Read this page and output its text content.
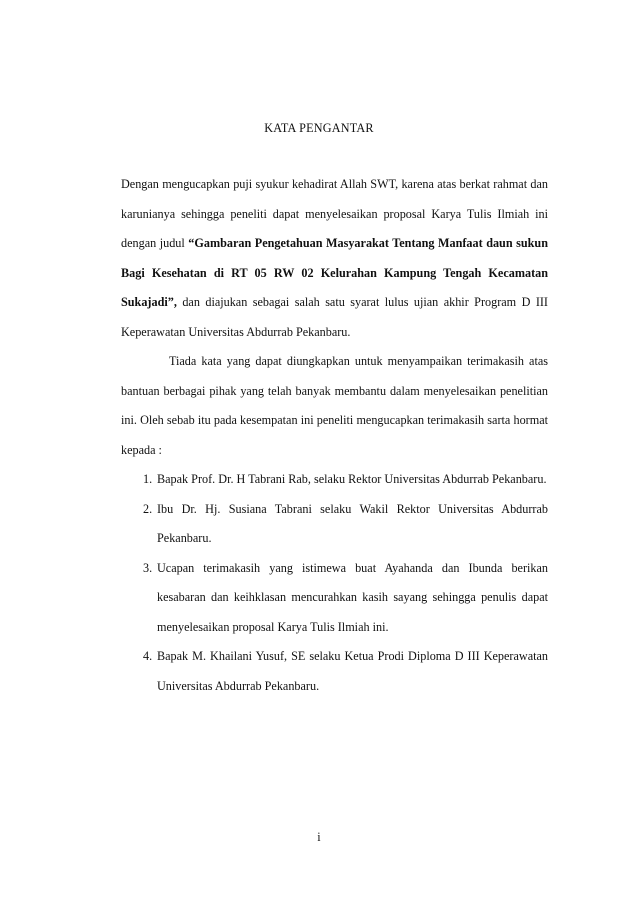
KATA PENGANTAR

Dengan mengucapkan puji syukur kehadirat Allah SWT, karena atas berkat rahmat dan karunianya sehingga peneliti dapat menyelesaikan proposal Karya Tulis Ilmiah ini dengan judul “Gambaran Pengetahuan Masyarakat Tentang Manfaat daun sukun Bagi Kesehatan di RT 05 RW 02 Kelurahan Kampung Tengah Kecamatan Sukajadi”, dan diajukan sebagai salah satu syarat lulus ujian akhir Program D III Keperawatan Universitas Abdurrab Pekanbaru.

Tiada kata yang dapat diungkapkan untuk menyampaikan terimakasih atas bantuan berbagai pihak yang telah banyak membantu dalam menyelesaikan penelitian ini. Oleh sebab itu pada kesempatan ini peneliti mengucapkan terimakasih sarta hormat kepada :

1. Bapak Prof. Dr. H Tabrani Rab, selaku Rektor Universitas Abdurrab Pekanbaru.
2. Ibu Dr. Hj. Susiana Tabrani selaku Wakil Rektor Universitas Abdurrab Pekanbaru.
3. Ucapan terimakasih yang istimewa buat Ayahanda dan Ibunda berikan kesabaran dan keihklasan mencurahkan kasih sayang sehingga penulis dapat menyelesaikan proposal Karya Tulis Ilmiah ini.
4. Bapak M. Khailani Yusuf, SE selaku Ketua Prodi Diploma D III Keperawatan Universitas Abdurrab Pekanbaru.
i
